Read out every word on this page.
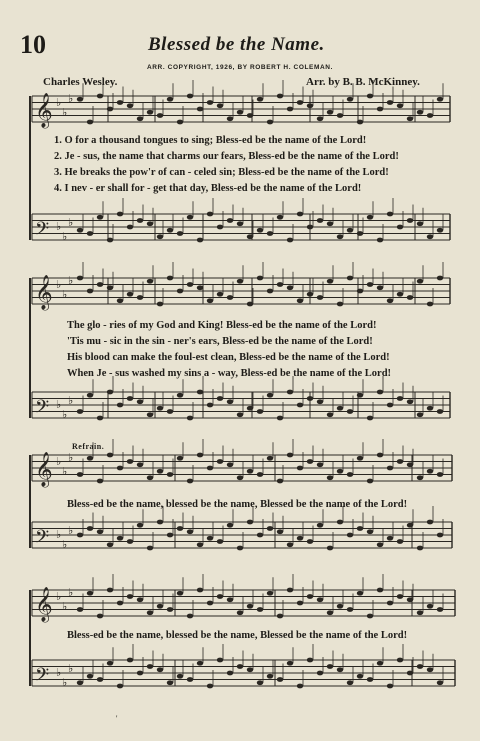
10	Blessed be the Name.
ARR. COPYRIGHT, 1926, BY ROBERT H. COLEMAN.
Charles Wesley.	Arr. by B. B. McKinney.
1. O for a thousand tongues to sing; Bless-ed be the name of the Lord!
2. Je - sus, the name that charms our fears, Bless-ed be the name of the Lord!
3. He breaks the pow'r of can - celed sin; Bless-ed be the name of the Lord!
4. I nev - er shall for - get that day, Bless-ed be the name of the Lord!
The glo - ries of my God and King! Bless-ed be the name of the Lord!
'Tis mu - sic in the sin - ner's ears, Bless-ed be the name of the Lord!
His blood can make the foul-est clean, Bless-ed be the name of the Lord!
When Je - sus washed my sins a - way, Bless-ed be the name of the Lord!
Refrain.
Bless-ed be the name, blessed be the name, Blessed be the name of the Lord!
Bless-ed be the name, blessed be the name, Blessed be the name of the Lord!
'
𝄞 ♭
♭
♭
𝄢 ♭
♭
♭
𝄞 ♭
♭
♭
𝄢 ♭
♭
♭
𝄞 ♭
♭
♭
𝄢 ♭
♭
♭
𝄞 ♭
♭
♭
𝄢 ♭
♭
♭
